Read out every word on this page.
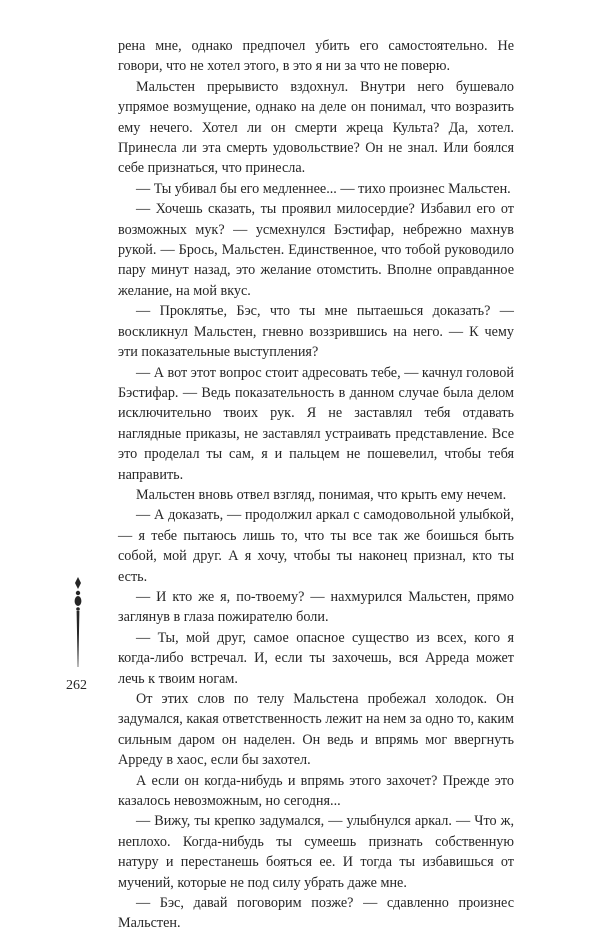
рена мне, однако предпочел убить его самостоятельно. Не говори, что не хотел этого, в это я ни за что не поверю.

Мальстен прерывисто вздохнул. Внутри него бушевало упрямое возмущение, однако на деле он понимал, что возразить ему нечего. Хотел ли он смерти жреца Культа? Да, хотел. Принесла ли эта смерть удовольствие? Он не знал. Или боялся себе признаться, что принесла.

— Ты убивал бы его медленнее... — тихо произнес Мальстен.

— Хочешь сказать, ты проявил милосердие? Избавил его от возможных мук? — усмехнулся Бэстифар, небрежно махнув рукой. — Брось, Мальстен. Единственное, что тобой руководило пару минут назад, это желание отомстить. Вполне оправданное желание, на мой вкус.

— Проклятье, Бэс, что ты мне пытаешься доказать? — воскликнул Мальстен, гневно воззрившись на него. — К чему эти показательные выступления?

— А вот этот вопрос стоит адресовать тебе, — качнул головой Бэстифар. — Ведь показательность в данном случае была делом исключительно твоих рук. Я не заставлял тебя отдавать наглядные приказы, не заставлял устраивать представление. Все это проделал ты сам, я и пальцем не пошевелил, чтобы тебя направить.

Мальстен вновь отвел взгляд, понимая, что крыть ему нечем.

— А доказать, — продолжил аркал с самодовольной улыбкой, — я тебе пытаюсь лишь то, что ты все так же боишься быть собой, мой друг. А я хочу, чтобы ты наконец признал, кто ты есть.

— И кто же я, по-твоему? — нахмурился Мальстен, прямо заглянув в глаза пожирателю боли.

— Ты, мой друг, самое опасное существо из всех, кого я когда-либо встречал. И, если ты захочешь, вся Арреда может лечь к твоим ногам.

От этих слов по телу Мальстена пробежал холодок. Он задумался, какая ответственность лежит на нем за одно то, каким сильным даром он наделен. Он ведь и впрямь мог ввергнуть Арреду в хаос, если бы захотел.

А если он когда-нибудь и впрямь этого захочет? Прежде это казалось невозможным, но сегодня...

— Вижу, ты крепко задумался, — улыбнулся аркал. — Что ж, неплохо. Когда-нибудь ты сумеешь признать собственную натуру и перестанешь бояться ее. И тогда ты избавишься от мучений, которые не под силу убрать даже мне.

— Бэс, давай поговорим позже? — сдавленно произнес Мальстен.

262
